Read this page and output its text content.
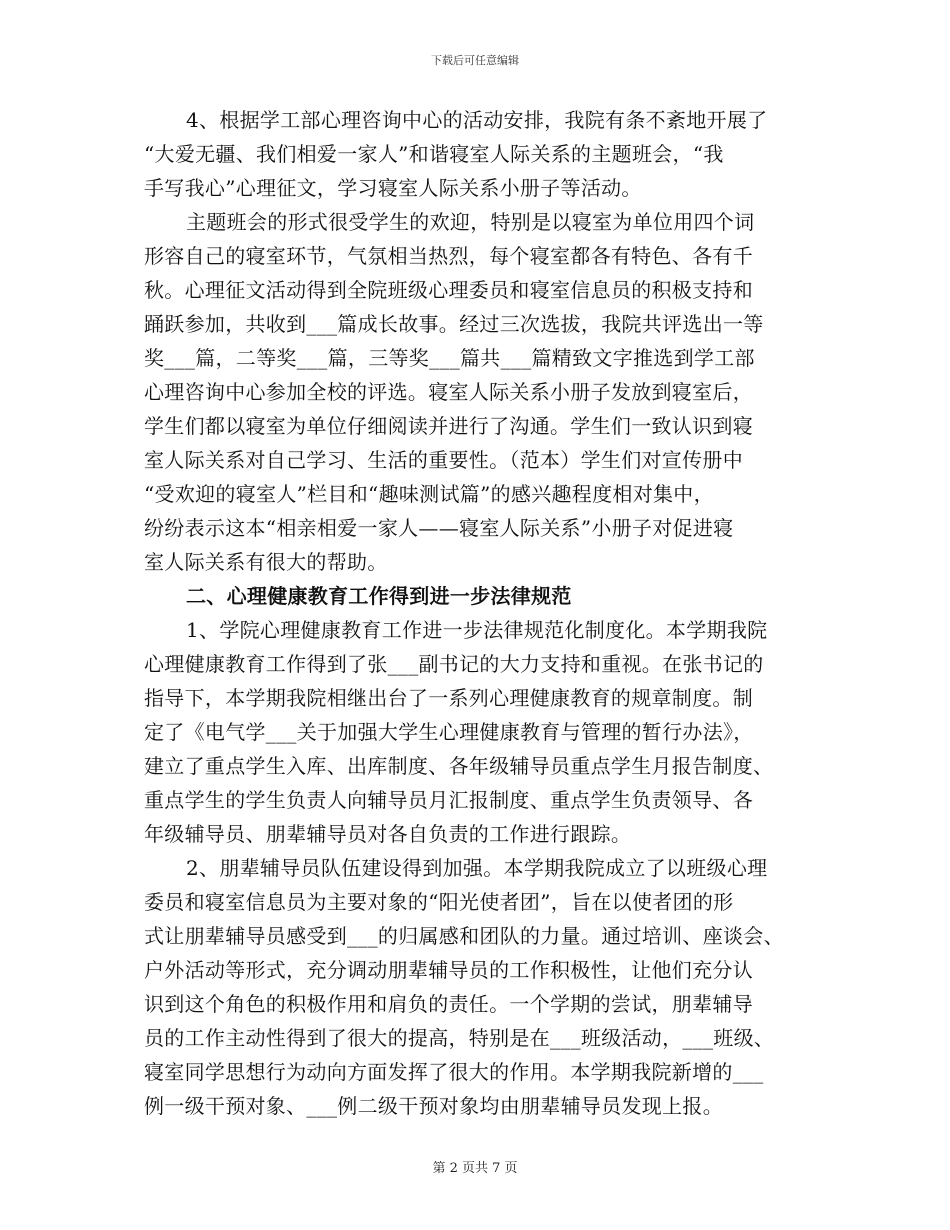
下载后可任意编辑
4、根据学工部心理咨询中心的活动安排，我院有条不紊地开展了
“大爱无疆、我们相爱一家人”和谐寝室人际关系的主题班会，“我
手写我心”心理征文，学习寝室人际关系小册子等活动。
主题班会的形式很受学生的欢迎，特别是以寝室为单位用四个词
形容自己的寝室环节，气氛相当热烈，每个寝室都各有特色、各有千
秋。心理征文活动得到全院班级心理委员和寝室信息员的积极支持和
踊跃参加，共收到___篇成长故事。经过三次选拔，我院共评选出一等
奖___篇，二等奖___篇，三等奖___篇共___篇精致文字推选到学工部
心理咨询中心参加全校的评选。寝室人际关系小册子发放到寝室后，
学生们都以寝室为单位仔细阅读并进行了沟通。学生们一致认识到寝
室人际关系对自己学习、生活的重要性。（范本）学生们对宣传册中
“受欢迎的寝室人”栏目和“趣味测试篇”的感兴趣程度相对集中，
纷纷表示这本“相亲相爱一家人——寝室人际关系”小册子对促进寝
室人际关系有很大的帮助。
二、心理健康教育工作得到进一步法律规范
1、学院心理健康教育工作进一步法律规范化制度化。本学期我院
心理健康教育工作得到了张___副书记的大力支持和重视。在张书记的
指导下，本学期我院相继出台了一系列心理健康教育的规章制度。制
定了《电气学___关于加强大学生心理健康教育与管理的暂行办法》，
建立了重点学生入库、出库制度、各年级辅导员重点学生月报告制度、
重点学生的学生负责人向辅导员月汇报制度、重点学生负责领导、各
年级辅导员、朋辈辅导员对各自负责的工作进行跟踪。
2、朋辈辅导员队伍建设得到加强。本学期我院成立了以班级心理
委员和寝室信息员为主要对象的“阳光使者团”，旨在以使者团的形
式让朋辈辅导员感受到___的归属感和团队的力量。通过培训、座谈会、
户外活动等形式，充分调动朋辈辅导员的工作积极性，让他们充分认
识到这个角色的积极作用和肩负的责任。一个学期的尝试，朋辈辅导
员的工作主动性得到了很大的提高，特别是在___班级活动，___班级、
寝室同学思想行为动向方面发挥了很大的作用。本学期我院新增的___
例一级干预对象、___例二级干预对象均由朋辈辅导员发现上报。
第 2 页共 7 页
